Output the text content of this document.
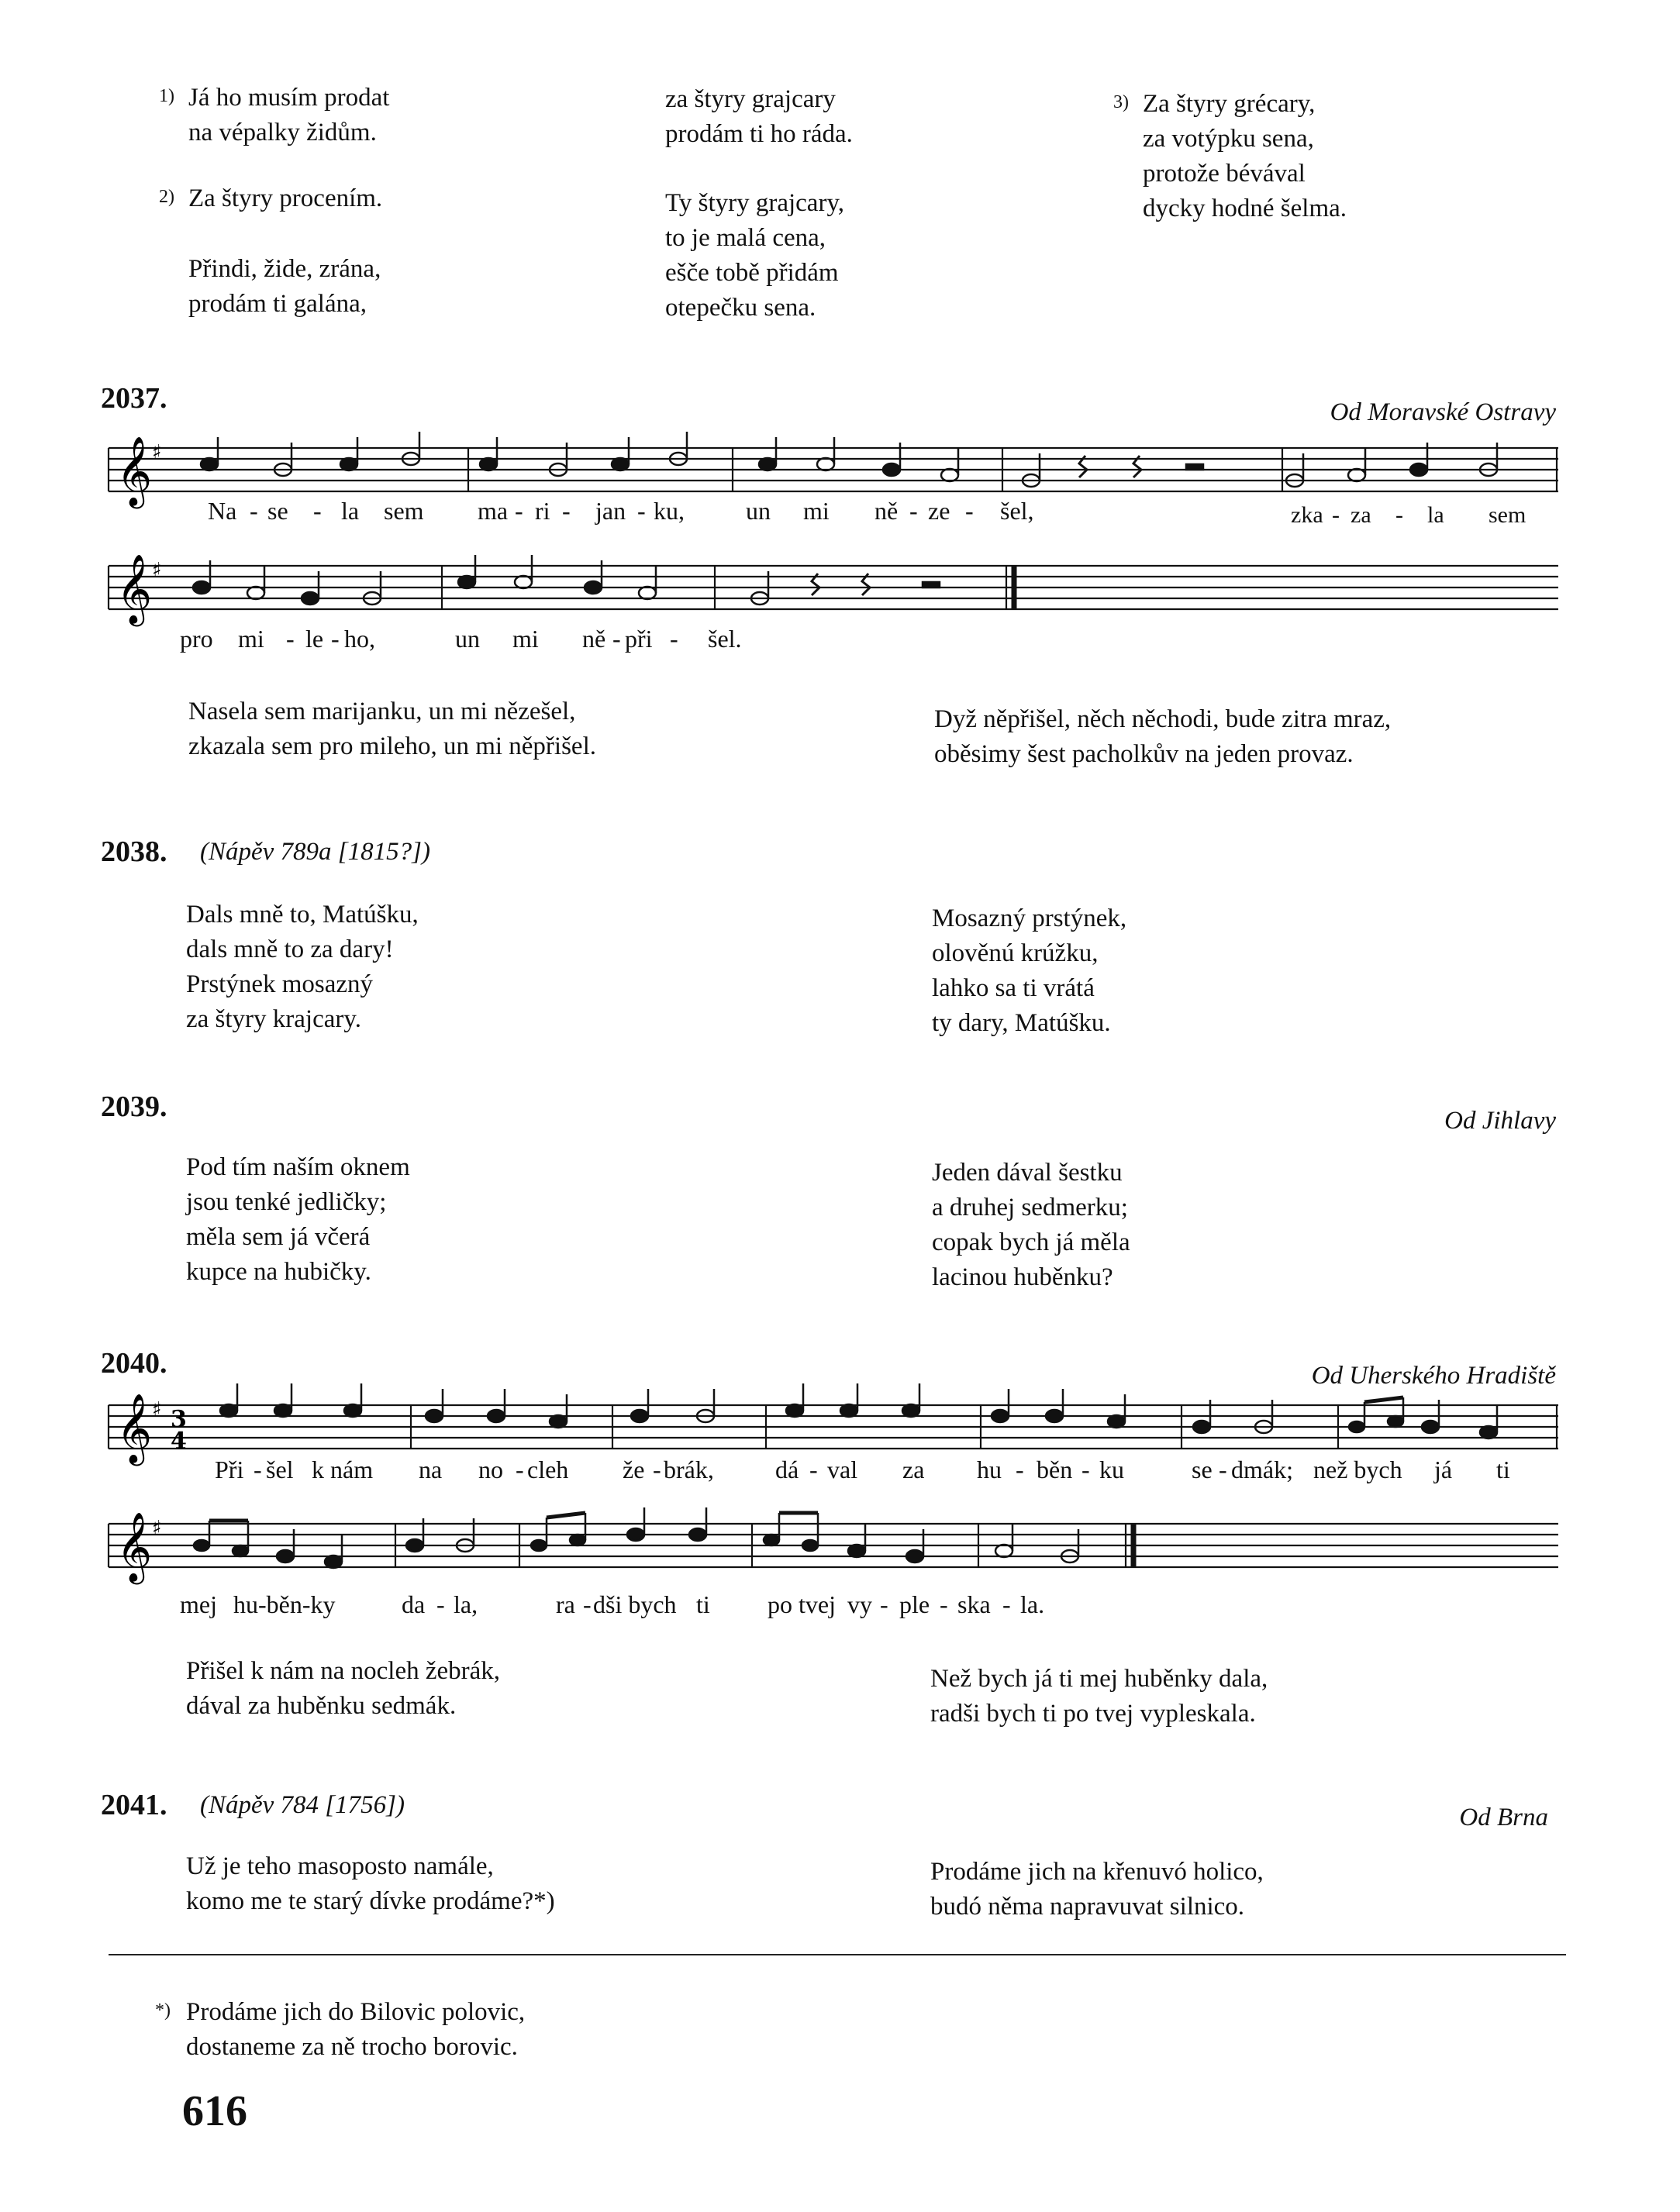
1) Já ho musím prodat
na vépalky židům.
2) Za štyry procením.
Přindi, žide, zrána,
prodám ti galána,
za štyry grajcary
prodám ti ho ráda.
Ty štyry grajcary,
to je malá cena,
ešče tobě přidám
otepečku sena.
3) Za štyry grécary,
za votýpku sena,
protože bévával
dycky hodné šelma.
2037.	Od Moravské Ostravy
𝄞 ♯
Na - se - la sem ma - ri - jan - ku, un mi ně - ze - šel,	zka - za - la sem
𝄞 ♯
pro mi - le - ho,	un mi ně - při - šel.
Nasela sem marijanku, un mi nězešel,
zkazala sem pro mileho, un mi něpřišel.
Dyž něpřišel, něch něchodi, bude zitra mraz,
oběsimy šest pacholkův na jeden provaz.
2038. (Nápěv 789a [1815?])
Dals mně to, Matúšku,
dals mně to za dary!
Prstýnek mosazný
za štyry krajcary.
Mosazný prstýnek,
olověnú krúžku,
lahko sa ti vrátá
ty dary, Matúšku.
2039.	Od Jihlavy
Pod tím naším oknem
jsou tenké jedličky;
měla sem já včerá
kupce na hubičky.
Jeden dával šestku
a druhej sedmerku;
copak bych já měla
lacinou huběnku?
2040.	Od Uherského Hradiště
𝄞 ♯ 3
4
Při - šel k nám na no - cleh že - brák, dá - val za hu - běn - ku	se - dmák; než bych já ti
𝄞 ♯
mej hu-běn-ky	da - la,	ra - dši bych ti po tvej vy - ple - ska - la.
Přišel k nám na nocleh žebrák,
dával za huběnku sedmák.
Než bych já ti mej huběnky dala,
radši bych ti po tvej vypleskala.
2041. (Nápěv 784 [1756])	Od Brna
Už je teho masoposto namále,
komo me te starý dívke prodáme?*)
Prodáme jich na křenuvó holico,
budó něma napravuvat silnico.
*) Prodáme jich do Bilovic polovic,
dostaneme za ně trocho borovic.
616
